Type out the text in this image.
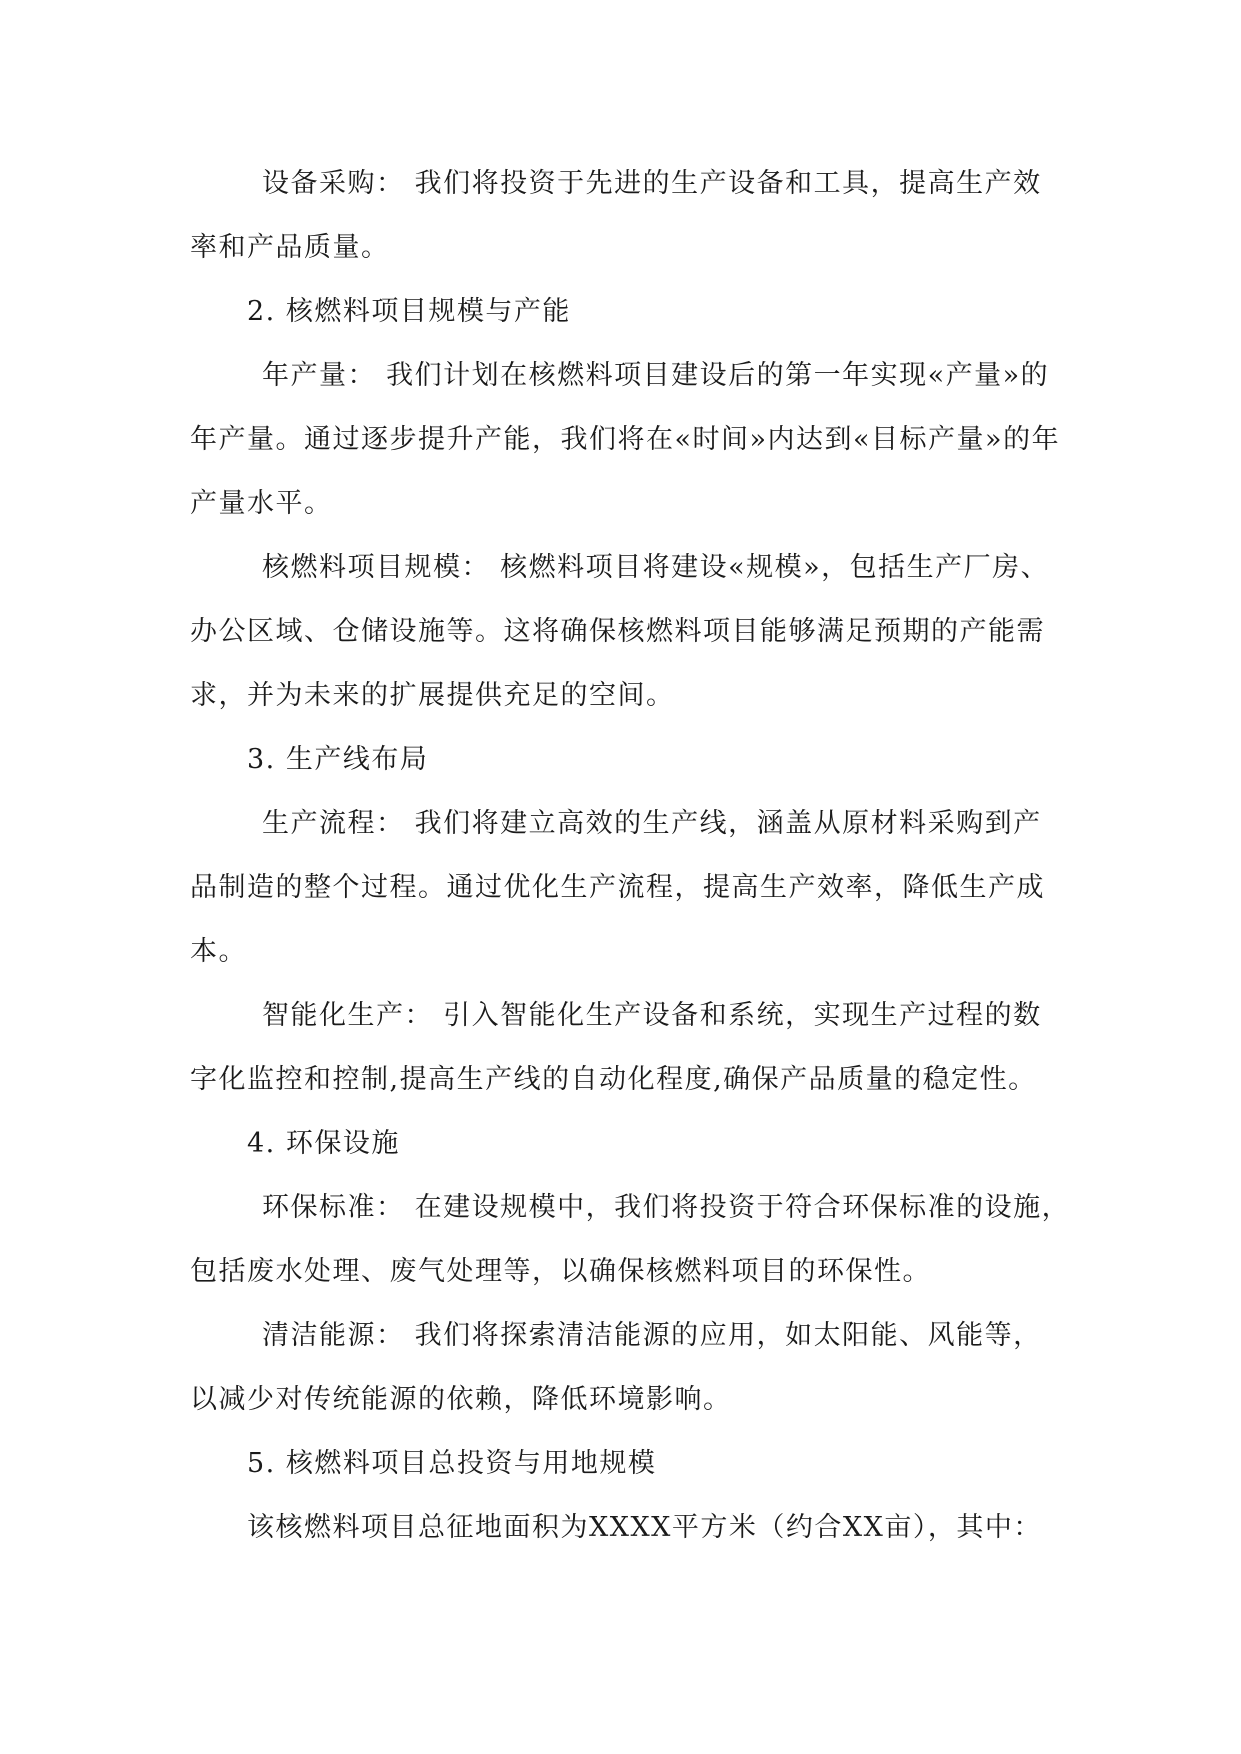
设备采购： 我们将投资于先进的生产设备和工具，提高生产效

率和产品质量。

2. 核燃料项目规模与产能

年产量： 我们计划在核燃料项目建设后的第一年实现«产量»的

年产量。通过逐步提升产能，我们将在«时间»内达到«目标产量»的年

产量水平。

核燃料项目规模： 核燃料项目将建设«规模»，包括生产厂房、

办公区域、仓储设施等。这将确保核燃料项目能够满足预期的产能需

求，并为未来的扩展提供充足的空间。

3. 生产线布局

生产流程： 我们将建立高效的生产线，涵盖从原材料采购到产

品制造的整个过程。通过优化生产流程，提高生产效率，降低生产成

本。

智能化生产： 引入智能化生产设备和系统，实现生产过程的数

字化监控和控制,提高生产线的自动化程度,确保产品质量的稳定性。

4. 环保设施

环保标准： 在建设规模中，我们将投资于符合环保标准的设施，

包括废水处理、废气处理等，以确保核燃料项目的环保性。

清洁能源： 我们将探索清洁能源的应用，如太阳能、风能等，

以减少对传统能源的依赖，降低环境影响。

5. 核燃料项目总投资与用地规模

该核燃料项目总征地面积为XXXX平方米（约合XX亩），其中：
